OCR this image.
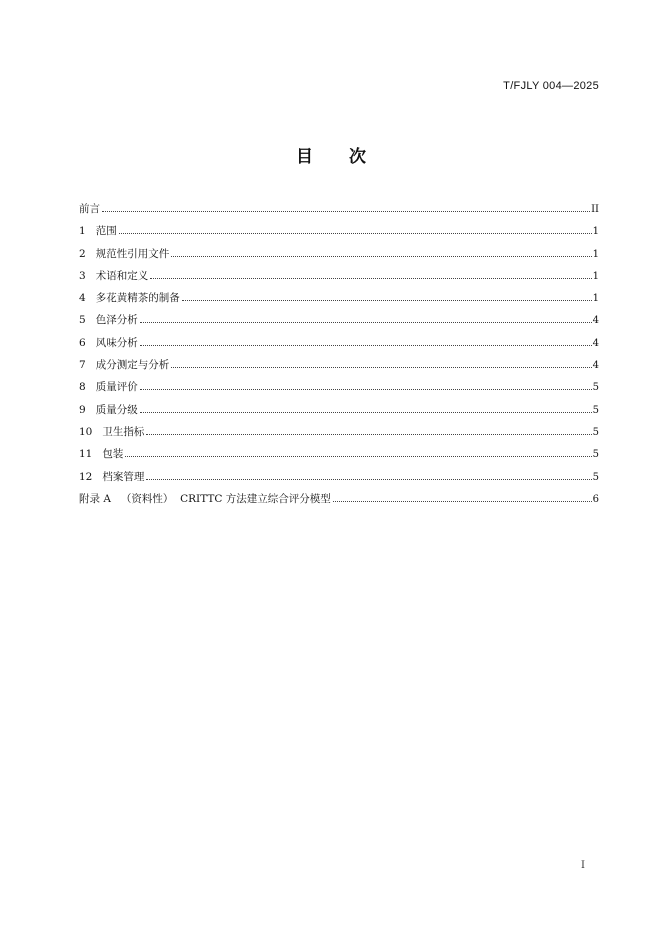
T/FJLY 004—2025
目次
前言	II
1   范围	1
2   规范性引用文件	1
3   术语和定义	1
4   多花黄精茶的制备	1
5   色泽分析	4
6   风味分析	4
7   成分测定与分析	4
8   质量评价	5
9   质量分级	5
10   卫生指标	5
11   包装	5
12   档案管理	5
附录 A   （资料性）  CRITTC 方法建立综合评分模型	6
I
